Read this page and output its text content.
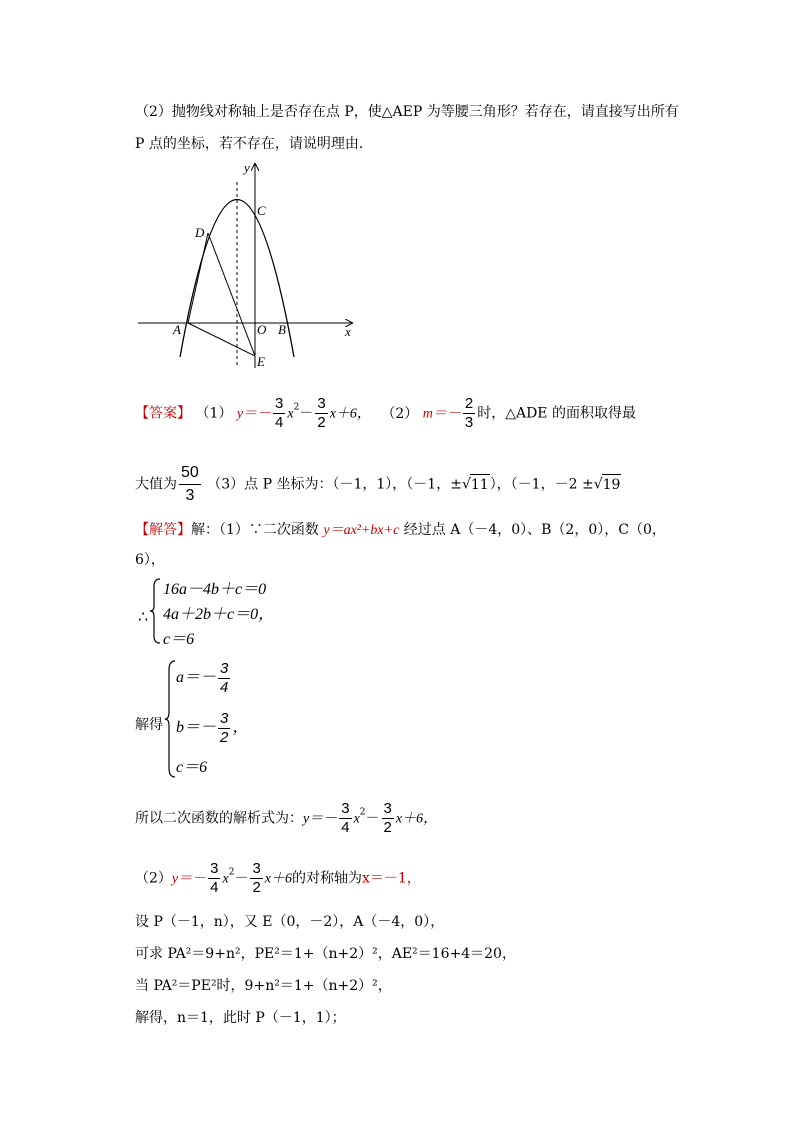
（2）抛物线对称轴上是否存在点 P，使△AEP 为等腰三角形？若存在，请直接写出所有
P 点的坐标，若不存在，请说明理由．
y
x
C
D
A	O B
E
【答案】 （1） $y=- \frac{3}{4} x^2- \frac{3}{2} x+6$， （2） $m=- \frac{2}{3}$ 时，△ADE 的面积取得最
大值为 $\frac{50}{3} (3)$点 P 坐标为：（－1，1），（－1，±√11），（－1，－2 ±√19
【解答】解：（1）∵二次函数 y＝ax²+bx+c 经过点 A（－4，0）、B（2，0），C（0，
6），
∴
16a－4b＋c＝0
4a＋2b＋c＝0，
c＝6
解得
$a=- \frac{3}{4}$
$b=- \frac{3}{2}$ ，
c＝6
所以二次函数的解析式为：$y=- \frac{3}{4} x^2- \frac{3}{2} x+6$，
$(2)y=- \frac{3}{4} x^2- \frac{3}{2} x+6$的对称轴为x＝－1，
设 P（－1，n），又 E（0，－2），A（－4，0），
可求 PA²＝9+n²，PE²＝1+（n+2）²，AE²＝16+4＝20，
当 PA²＝PE²时，9+n²＝1+（n+2）²，
解得，n＝1，此时 P（－1，1）；
